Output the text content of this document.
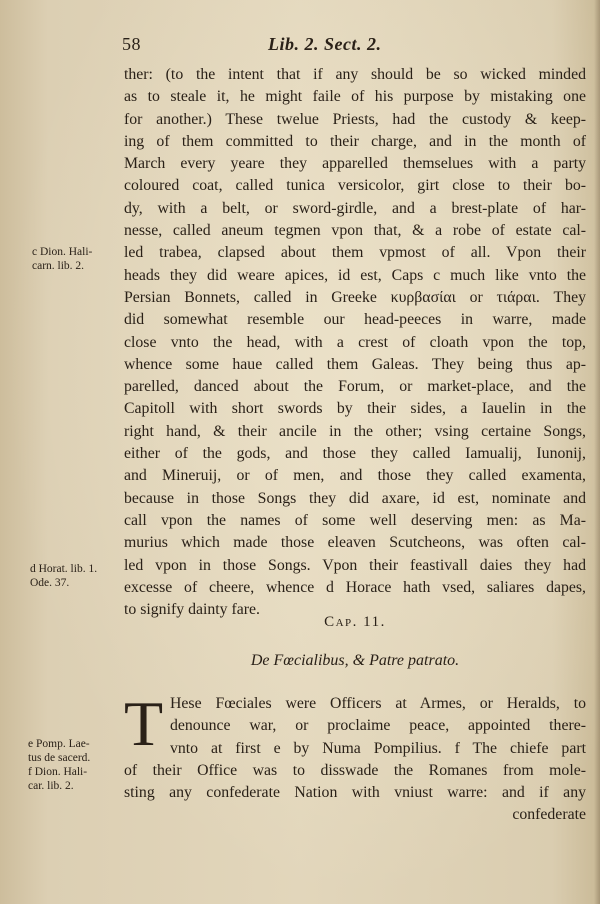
58	Lib. 2. Sect. 2.
ther: (to the intent that if any should be so wicked minded
as to steale it, he might faile of his purpose by mistaking one
for another.) These twelue Priests, had the custody & keep-
ing of them committed to their charge, and in the month of
March every yeare they apparelled themselues with a party
coloured coat, called tunica versicolor, girt close to their bo-
dy, with a belt, or sword-girdle, and a brest-plate of har-
nesse, called aneum tegmen vpon that, & a robe of estate cal-
led trabea, clapsed about them vpmost of all. Vpon their
heads they did weare apices, id est, Caps c much like vnto the
Persian Bonnets, called in Greeke κυρβασίαι or τιάραι. They
did somewhat resemble our head-peeces in warre, made
close vnto the head, with a crest of cloath vpon the top,
whence some haue called them Galeas. They being thus ap-
parelled, danced about the Forum, or market-place, and the
Capitoll with short swords by their sides, a Iauelin in the
right hand, & their ancile in the other; vsing certaine Songs,
either of the gods, and those they called Iamualij, Iunonij,
and Mineruij, or of men, and those they called examenta,
because in those Songs they did axare, id est, nominate and
call vpon the names of some well deserving men: as Ma-
murius which made those eleaven Scutcheons, was often cal-
led vpon in those Songs. Vpon their feastivall daies they had
excesse of cheere, whence d Horace hath vsed, saliares dapes,
to signify dainty fare.
Cap. 11.
De Fœcialibus, & Patre patrato.
T Hese Fœciales were Officers at Armes, or Heralds, to
denounce war, or proclaime peace, appointed there-
vnto at first e by Numa Pompilius. f The chiefe part
of their Office was to disswade the Romanes from mole-
sting any confederate Nation with vniust warre: and if any
confederate
c Dion. Hali-
carn. lib. 2.
d Horat. lib. 1.
Ode. 37.
e Pomp. Lae-
tus de sacerd.
f Dion. Hali-
car. lib. 2.
